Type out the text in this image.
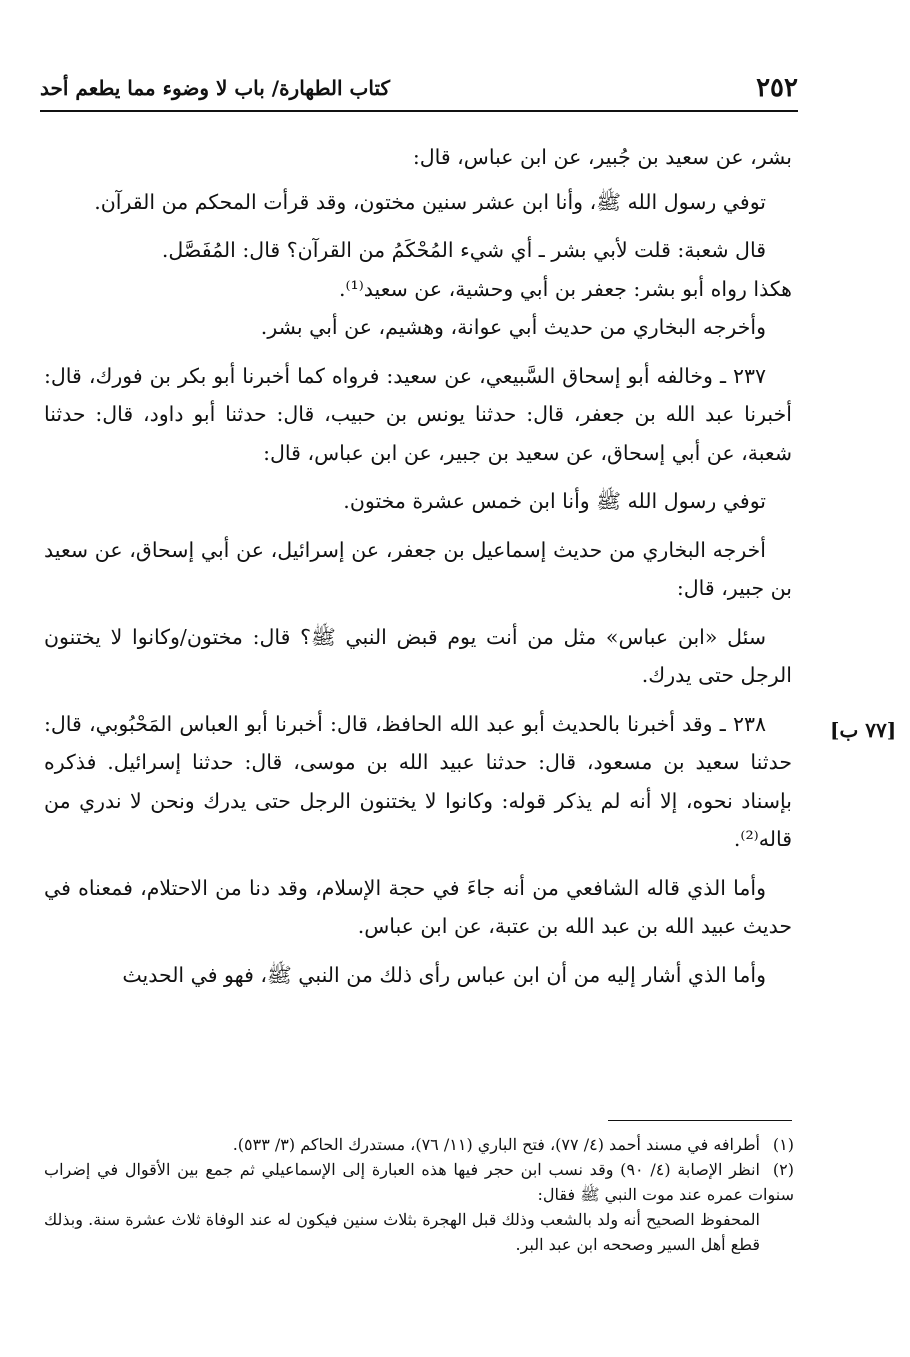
٢٥٢
كتاب الطهارة/ باب لا وضوء مما يطعم أحد
[٧٧ ب]

بشر، عن سعيد بن جُبير، عن ابن عباس، قال:

توفي رسول الله ﷺ، وأنا ابن عشر سنين مختون، وقد قرأت المحكم من القرآن.

قال شعبة: قلت لأبي بشر ـ أي شيء المُحْكَمُ من القرآن؟ قال: المُفَصَّل.

هكذا رواه أبو بشر: جعفر بن أبي وحشية، عن سعيد⁽¹⁾.

وأخرجه البخاري من حديث أبي عوانة، وهشيم، عن أبي بشر.

٢٣٧ ـ وخالفه أبو إسحاق السَّبيعي، عن سعيد: فرواه كما أخبرنا أبو بكر بن فورك، قال: أخبرنا عبد الله بن جعفر، قال: حدثنا يونس بن حبيب، قال: حدثنا أبو داود، قال: حدثنا شعبة، عن أبي إسحاق، عن سعيد بن جبير، عن ابن عباس، قال:

توفي رسول الله ﷺ وأنا ابن خمس عشرة مختون.

أخرجه البخاري من حديث إسماعيل بن جعفر، عن إسرائيل، عن أبي إسحاق، عن سعيد بن جبير، قال:

سئل «ابن عباس» مثل من أنت يوم قبض النبي ﷺ؟ قال: مختون/وكانوا لا يختنون الرجل حتى يدرك.

٢٣٨ ـ وقد أخبرنا بالحديث أبو عبد الله الحافظ، قال: أخبرنا أبو العباس المَحْبُوبي، قال: حدثنا سعيد بن مسعود، قال: حدثنا عبيد الله بن موسى، قال: حدثنا إسرائيل. فذكره بإسناد نحوه، إلا أنه لم يذكر قوله: وكانوا لا يختنون الرجل حتى يدرك ونحن لا ندري من قاله⁽²⁾.

وأما الذي قاله الشافعي من أنه جاءَ في حجة الإسلام، وقد دنا من الاحتلام، فمعناه في حديث عبيد الله بن عبد الله بن عتبة، عن ابن عباس.

وأما الذي أشار إليه من أن ابن عباس رأى ذلك من النبي ﷺ، فهو في الحديث

(١)أطرافه في مسند أحمد (٤/ ٧٧)، فتح الباري (١١/ ٧٦)، مستدرك الحاكم (٣/ ٥٣٣).

(٢)انظر الإصابة (٤/ ٩٠) وقد نسب ابن حجر فيها هذه العبارة إلى الإسماعيلي ثم جمع بين الأقوال في إضراب سنوات عمره عند موت النبي ﷺ فقال:

المحفوظ الصحيح أنه ولد بالشعب وذلك قبل الهجرة بثلاث سنين فيكون له عند الوفاة ثلاث عشرة سنة. وبذلك قطع أهل السير وصححه ابن عبد البر.
